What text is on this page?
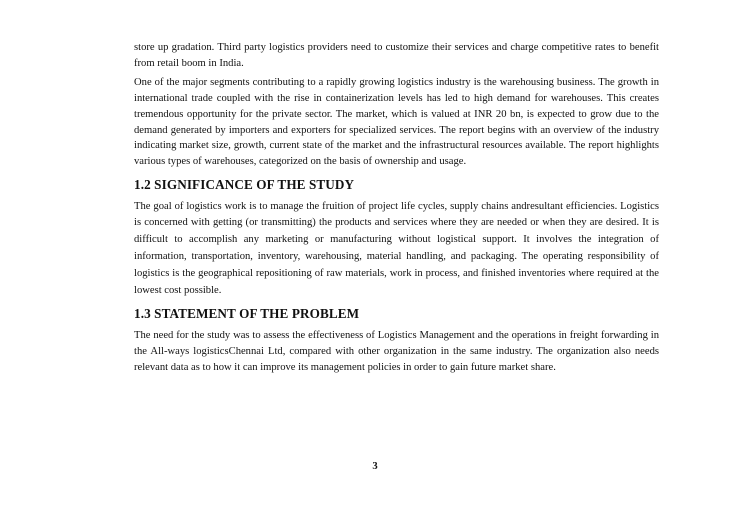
store up gradation. Third party logistics providers need to customize their services and charge competitive rates to benefit from retail boom in India.

One of the major segments contributing to a rapidly growing logistics industry is the warehousing business. The growth in international trade coupled with the rise in containerization levels has led to high demand for warehouses. This creates tremendous opportunity for the private sector. The market, which is valued at INR 20 bn, is expected to grow due to the demand generated by importers and exporters for specialized services. The report begins with an overview of the industry indicating market size, growth, current state of the market and the infrastructural resources available. The report highlights various types of warehouses, categorized on the basis of ownership and usage.

1.2 SIGNIFICANCE OF THE STUDY

The goal of logistics work is to manage the fruition of project life cycles, supply chains andresultant efficiencies. Logistics is concerned with getting (or transmitting) the products and services where they are needed or when they are desired. It is difficult to accomplish any marketing or manufacturing without logistical support. It involves the integration of information, transportation, inventory, warehousing, material handling, and packaging. The operating responsibility of logistics is the geographical repositioning of raw materials, work in process, and finished inventories where required at the lowest cost possible.

1.3 STATEMENT OF THE PROBLEM

The need for the study was to assess the effectiveness of Logistics Management and the operations in freight forwarding in the All-ways logisticsChennai Ltd, compared with other organization in the same industry. The organization also needs relevant data as to how it can improve its management policies in order to gain future market share.

3
